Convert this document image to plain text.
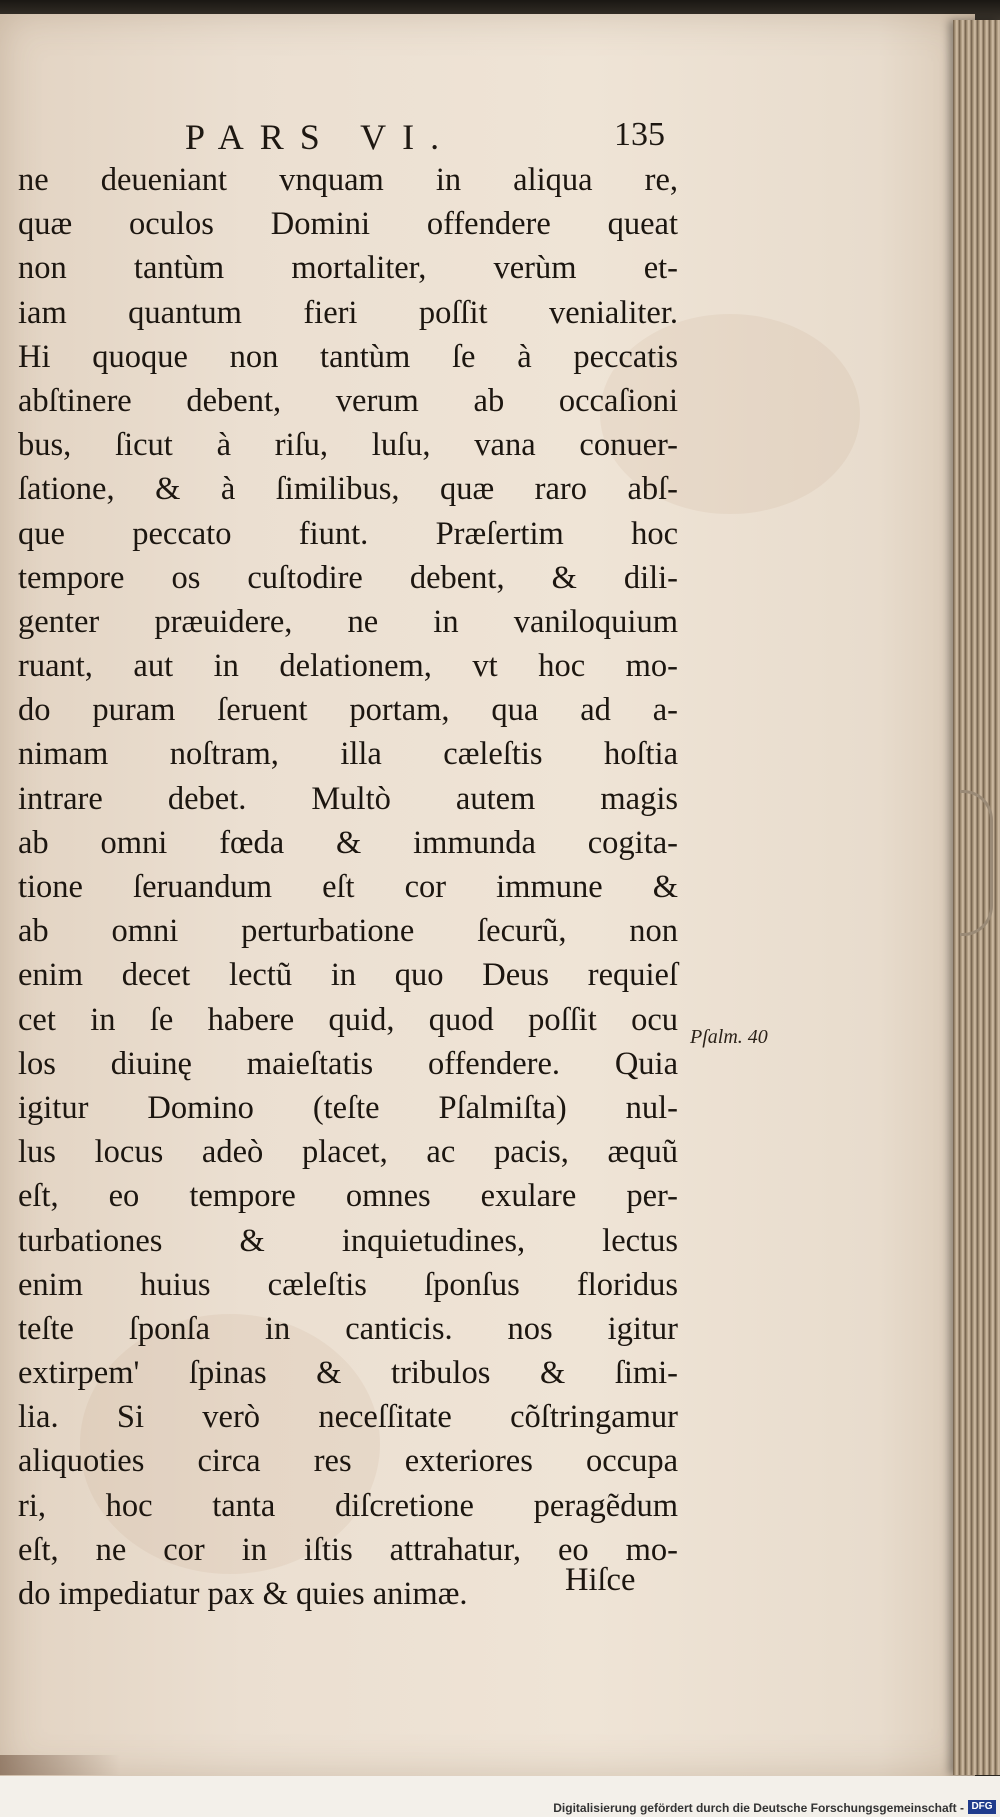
PARS VI.	135
ne deueniant vnquam in aliqua re,
quæ oculos Domini offendere queat
non tantùm mortaliter, verùm et-
iam quantum fieri poſſit venialiter.
Hi quoque non tantùm ſe à peccatis
abſtinere debent, verum ab occaſioni
bus, ſicut à riſu, luſu, vana conuer-
ſatione, & à ſimilibus, quæ raro abſ-
que peccato fiunt. Præſertim hoc
tempore os cuſtodire debent, & dili-
genter præuidere, ne in vaniloquium
ruant, aut in delationem, vt hoc mo-
do puram ſeruent portam, qua ad a-
nimam noſtram, illa cæleſtis hoſtia
intrare debet. Multò autem magis
ab omni fœda & immunda cogita-
tione ſeruandum eſt cor immune &
ab omni perturbatione ſecurũ, non
enim decet lectũ in quo Deus requieſ
cet in ſe habere quid, quod poſſit ocu
los diuinę maieſtatis offendere. Quia
igitur Domino (teſte Pſalmiſta) nul-
lus locus adeò placet, ac pacis, æquũ
eſt, eo tempore omnes exulare per-
turbationes & inquietudines, lectus
enim huius cæleſtis ſponſus floridus
teſte ſponſa in canticis. nos igitur
extirpem' ſpinas & tribulos & ſimi-
lia. Si verò neceſſitate cõſtringamur
aliquoties circa res exteriores occupa
ri, hoc tanta diſcretione peragẽdum
eſt, ne cor in iſtis attrahatur, eo mo-
do impediatur pax & quies animæ.	Hiſce
Pſalm. 40
Digitalisierung gefördert durch die Deutsche Forschungsgemeinschaft - DFG
